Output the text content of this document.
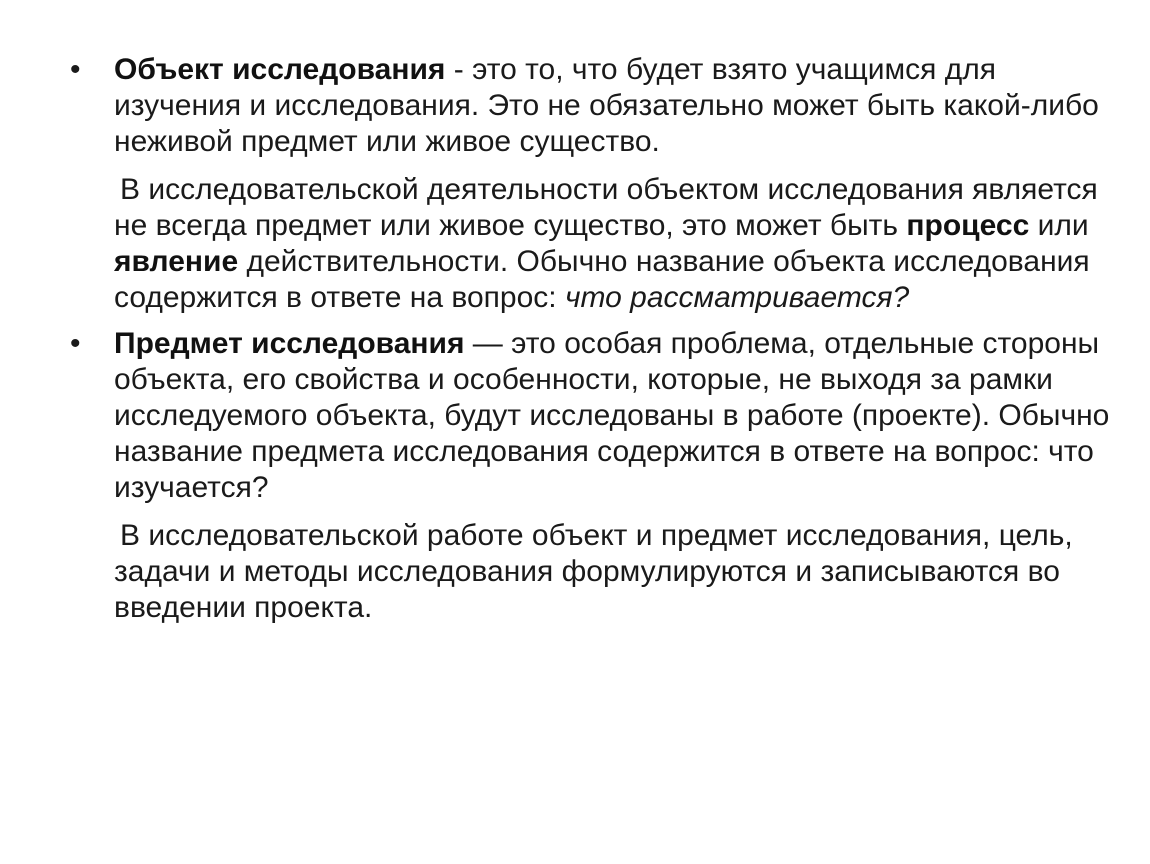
•	Объект исследования - это то, что будет взято учащимся для изучения и исследования. Это не обязательно может быть какой-либо неживой предмет или живое существо.
В исследовательской деятельности объектом исследования является не всегда предмет или живое существо, это может быть процесс или явление действительности. Обычно название объекта исследования содержится в ответе на вопрос: что рассматривается?
•	Предмет исследования — это особая проблема, отдельные стороны объекта, его свойства и особенности, которые, не выходя за рамки исследуемого объекта, будут исследованы в работе (проекте). Обычно название предмета исследования содержится в ответе на вопрос: что изучается?
В исследовательской работе объект и предмет исследования, цель, задачи и методы исследования формулируются и записываются во введении проекта.
